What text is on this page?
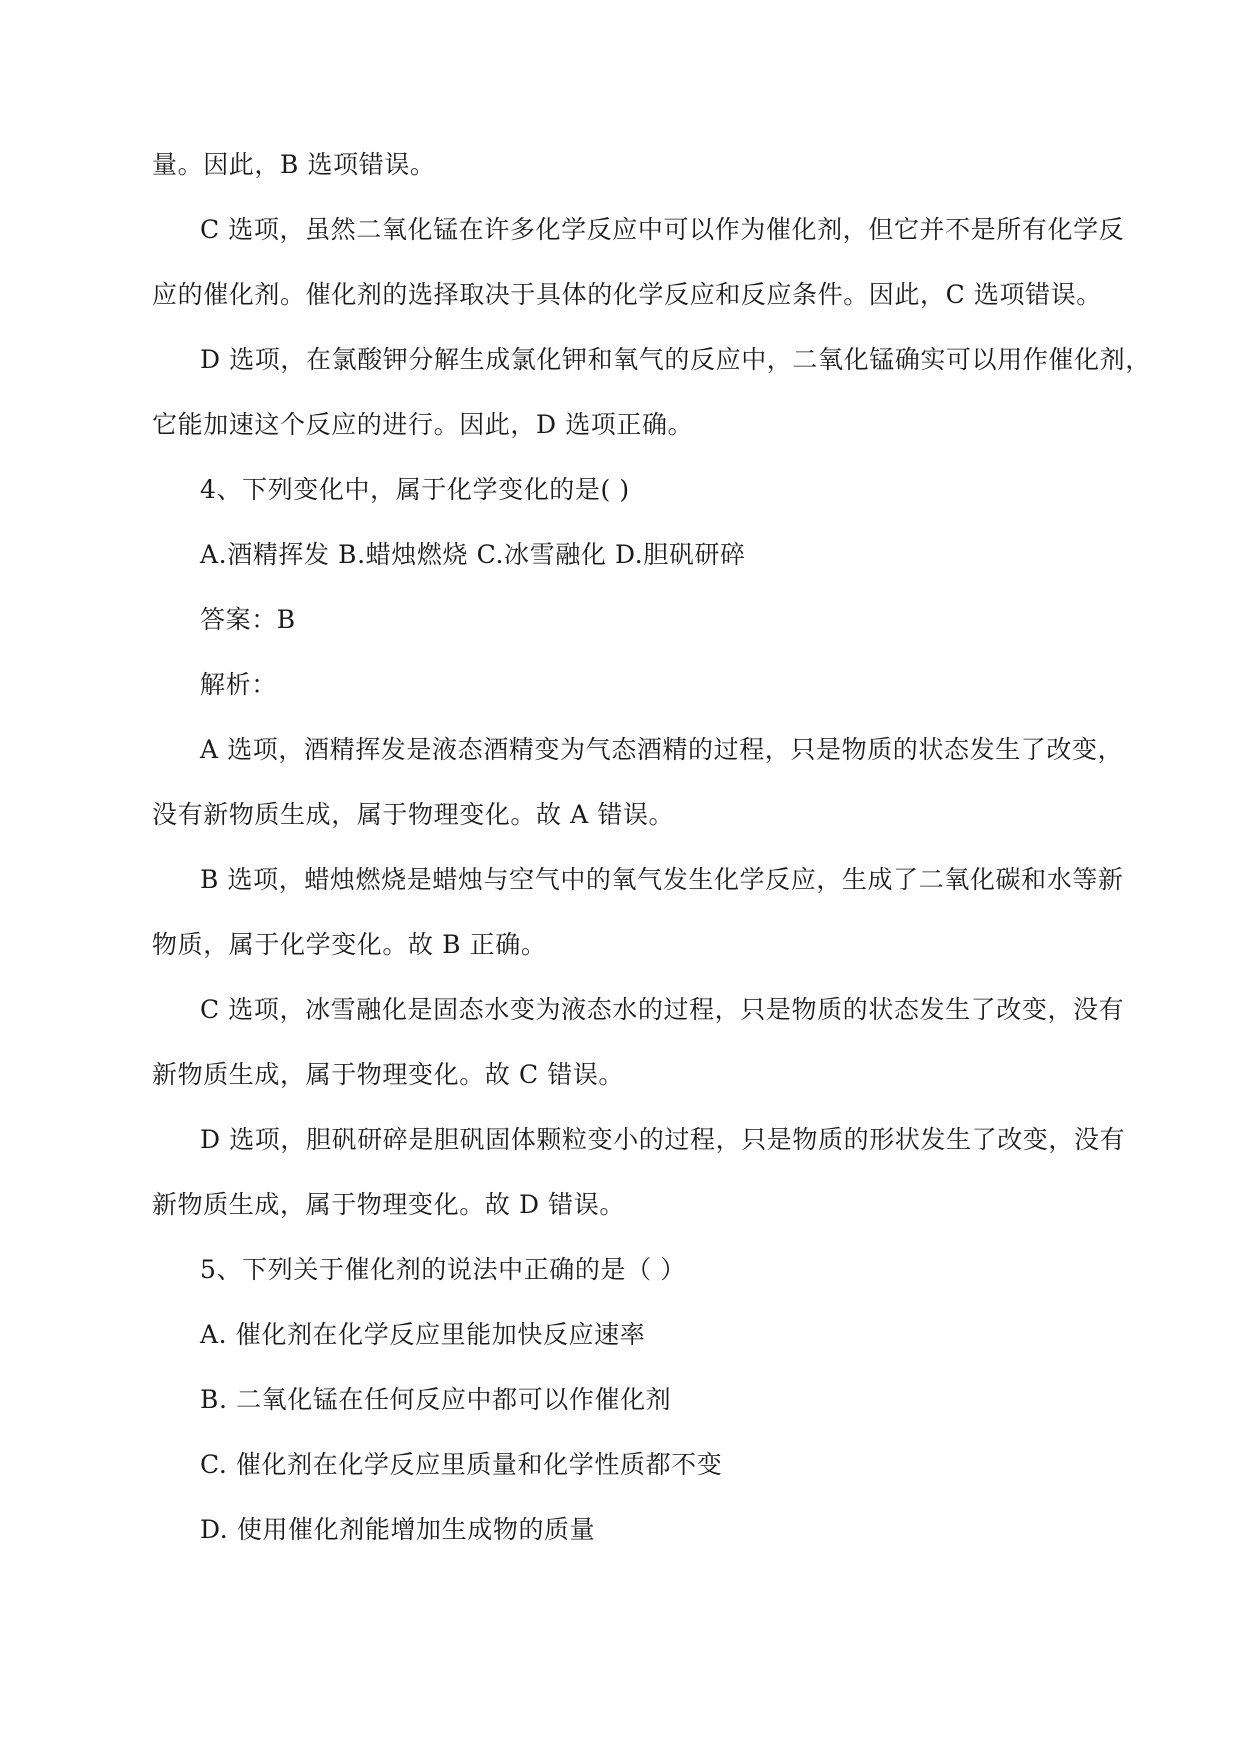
量。因此，B 选项错误。
C 选项，虽然二氧化锰在许多化学反应中可以作为催化剂，但它并不是所有化学反
应的催化剂。催化剂的选择取决于具体的化学反应和反应条件。因此，C 选项错误。
D 选项，在氯酸钾分解生成氯化钾和氧气的反应中，二氧化锰确实可以用作催化剂，
它能加速这个反应的进行。因此，D 选项正确。
4、下列变化中，属于化学变化的是( )
A.酒精挥发 B.蜡烛燃烧 C.冰雪融化 D.胆矾研碎
答案：B
解析：
A 选项，酒精挥发是液态酒精变为气态酒精的过程，只是物质的状态发生了改变，
没有新物质生成，属于物理变化。故 A 错误。
B 选项，蜡烛燃烧是蜡烛与空气中的氧气发生化学反应，生成了二氧化碳和水等新
物质，属于化学变化。故 B 正确。
C 选项，冰雪融化是固态水变为液态水的过程，只是物质的状态发生了改变，没有
新物质生成，属于物理变化。故 C 错误。
D 选项，胆矾研碎是胆矾固体颗粒变小的过程，只是物质的形状发生了改变，没有
新物质生成，属于物理变化。故 D 错误。
5、下列关于催化剂的说法中正确的是（ ）
A. 催化剂在化学反应里能加快反应速率
B. 二氧化锰在任何反应中都可以作催化剂
C. 催化剂在化学反应里质量和化学性质都不变
D. 使用催化剂能增加生成物的质量
